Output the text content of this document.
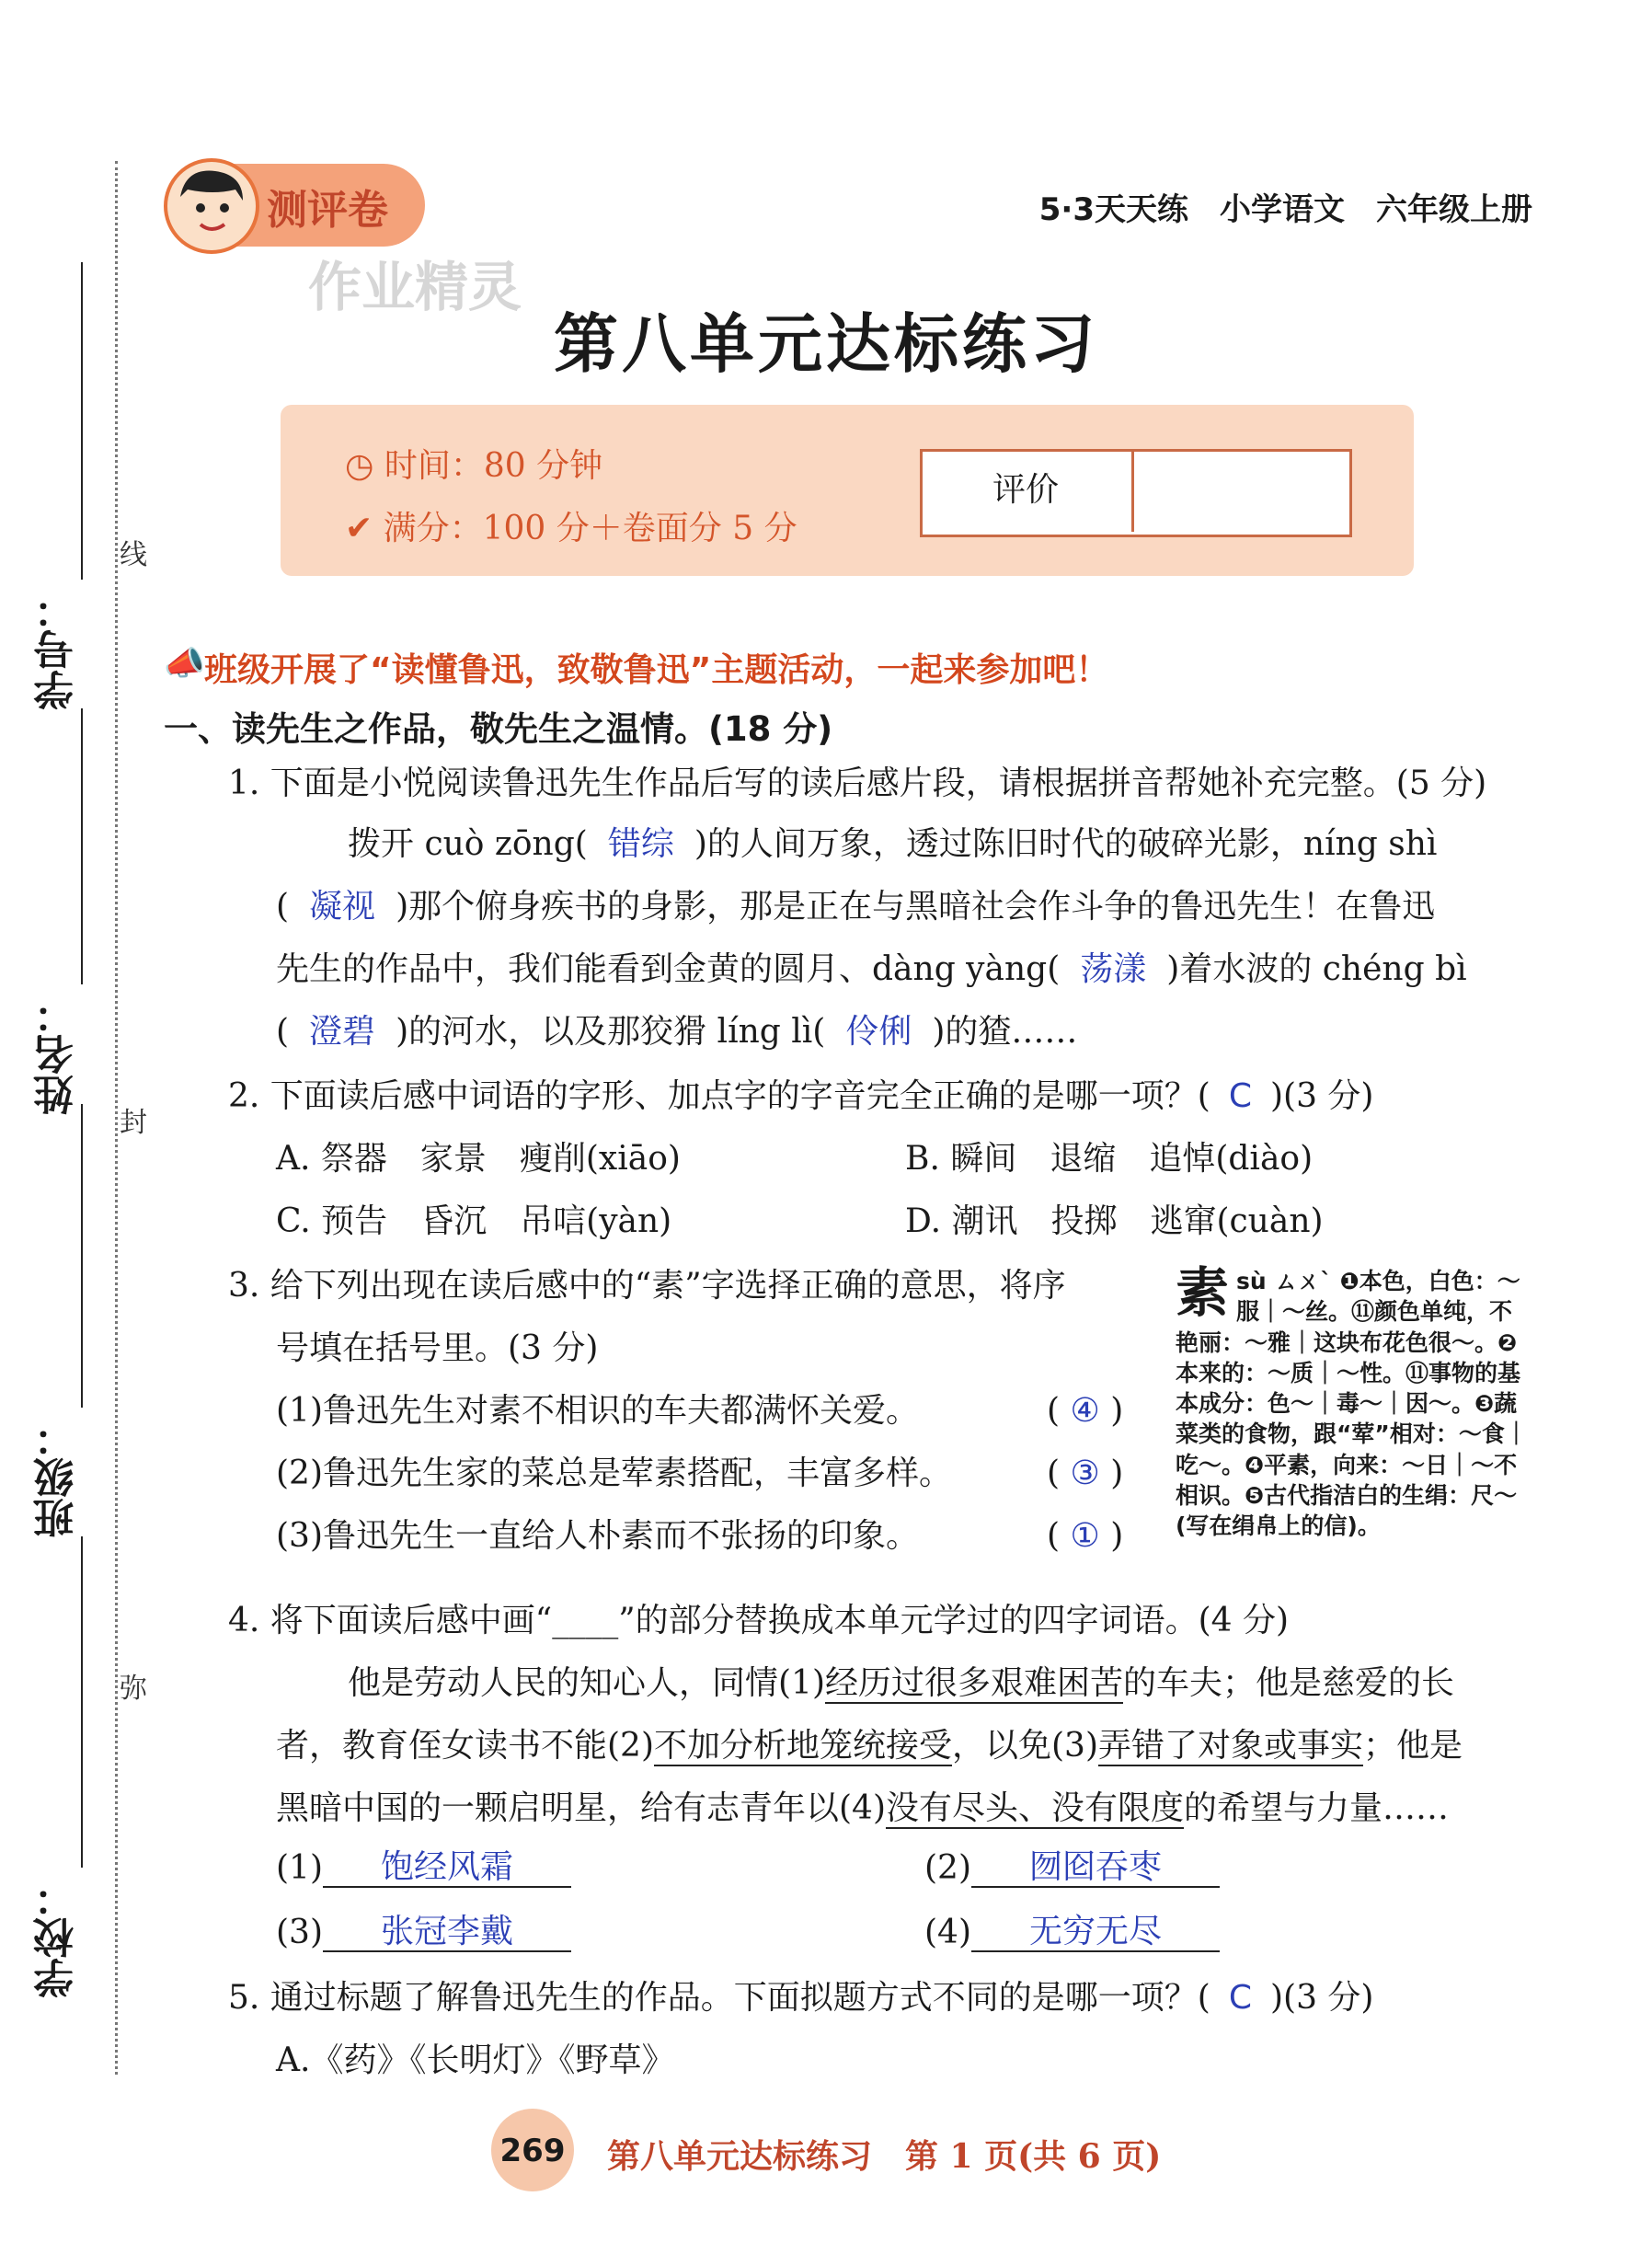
学号：
姓名：
班级：
学校：
线
封
弥
测评卷	5·3天天练　小学语文　六年级上册
作业精灵
第八单元达标练习
◷ 时间：80 分钟
✔ 满分：100 分＋卷面分 5 分
评价
📣 班级开展了“读懂鲁迅，致敬鲁迅”主题活动，一起来参加吧！
一、读先生之作品，敬先生之温情。(18 分)
1. 下面是小悦阅读鲁迅先生作品后写的读后感片段，请根据拼音帮她补充完整。(5 分)
拨开 cuò zōng( 错综 )的人间万象，透过陈旧时代的破碎光影，níng shì
( 凝视 )那个俯身疾书的身影，那是正在与黑暗社会作斗争的鲁迅先生！在鲁迅
先生的作品中，我们能看到金黄的圆月、dàng yàng( 荡漾 )着水波的 chéng bì
( 澄碧 )的河水，以及那狡猾 líng lì( 伶俐 )的猹……
2. 下面读后感中词语的字形、加点字的字音完全正确的是哪一项？( C )(3 分)
A. 祭器　家景　瘦削(xiāo)	B. 瞬间　退缩　追悼(diào)
C. 预告　昏沉　吊唁(yàn)	D. 潮讯　投掷　逃窜(cuàn)
3. 给下列出现在读后感中的“素”字选择正确的意思，将序
号填在括号里。(3 分)
(1)鲁迅先生对素不相识的车夫都满怀关爱。	( ④ )
(2)鲁迅先生家的菜总是荤素搭配，丰富多样。	( ③ )
(3)鲁迅先生一直给人朴素而不张扬的印象。	( ① )
素sù ㄙㄨˋ ❶本色，白色：～服｜～丝。⑪颜色单纯，不艳丽：～雅｜这块布花色很～。❷本来的：～质｜～性。⑪事物的基本成分：色～｜毒～｜因～。❸蔬菜类的食物，跟“荤”相对：～食｜吃～。❹平素，向来：～日｜～不相识。❺古代指洁白的生绢：尺～(写在绢帛上的信)。
4. 将下面读后感中画“____”的部分替换成本单元学过的四字词语。(4 分)
他是劳动人民的知心人，同情(1)经历过很多艰难困苦的车夫；他是慈爱的长
者，教育侄女读书不能(2)不加分析地笼统接受，以免(3)弄错了对象或事实；他是
黑暗中国的一颗启明星，给有志青年以(4)没有尽头、没有限度的希望与力量……
(1) 饱经风霜	(2) 囫囵吞枣
(3) 张冠李戴	(4) 无穷无尽
5. 通过标题了解鲁迅先生的作品。下面拟题方式不同的是哪一项？( C )(3 分)
A.《药》《长明灯》《野草》
269 第八单元达标练习　第 1 页(共 6 页)
